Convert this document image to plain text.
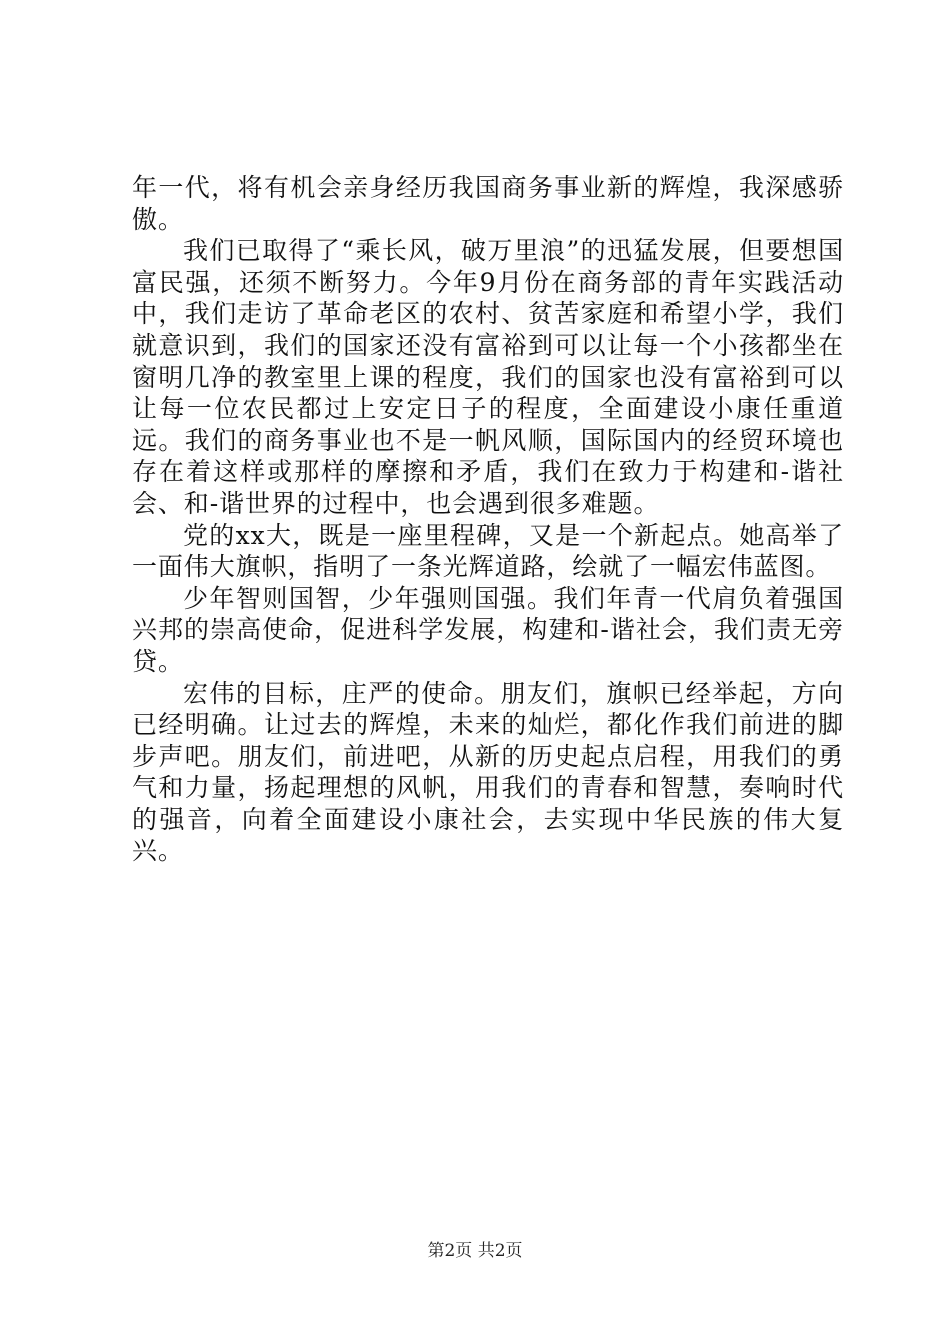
年一代，将有机会亲身经历我国商务事业新的辉煌，我深感骄傲。

我们已取得了“乘长风，破万里浪”的迅猛发展，但要想国富民强，还须不断努力。今年9月份在商务部的青年实践活动中，我们走访了革命老区的农村、贫苦家庭和希望小学，我们就意识到，我们的国家还没有富裕到可以让每一个小孩都坐在窗明几净的教室里上课的程度，我们的国家也没有富裕到可以让每一位农民都过上安定日子的程度，全面建设小康任重道远。我们的商务事业也不是一帆风顺，国际国内的经贸环境也存在着这样或那样的摩擦和矛盾，我们在致力于构建和-谐社会、和-谐世界的过程中，也会遇到很多难题。

党的xx大，既是一座里程碑，又是一个新起点。她高举了一面伟大旗帜，指明了一条光辉道路，绘就了一幅宏伟蓝图。

少年智则国智，少年强则国强。我们年青一代肩负着强国兴邦的崇高使命，促进科学发展，构建和-谐社会，我们责无旁贷。

宏伟的目标，庄严的使命。朋友们，旗帜已经举起，方向已经明确。让过去的辉煌，未来的灿烂，都化作我们前进的脚步声吧。朋友们，前进吧，从新的历史起点启程，用我们的勇气和力量，扬起理想的风帆，用我们的青春和智慧，奏响时代的强音，向着全面建设小康社会，去实现中华民族的伟大复兴。

第2页 共2页
